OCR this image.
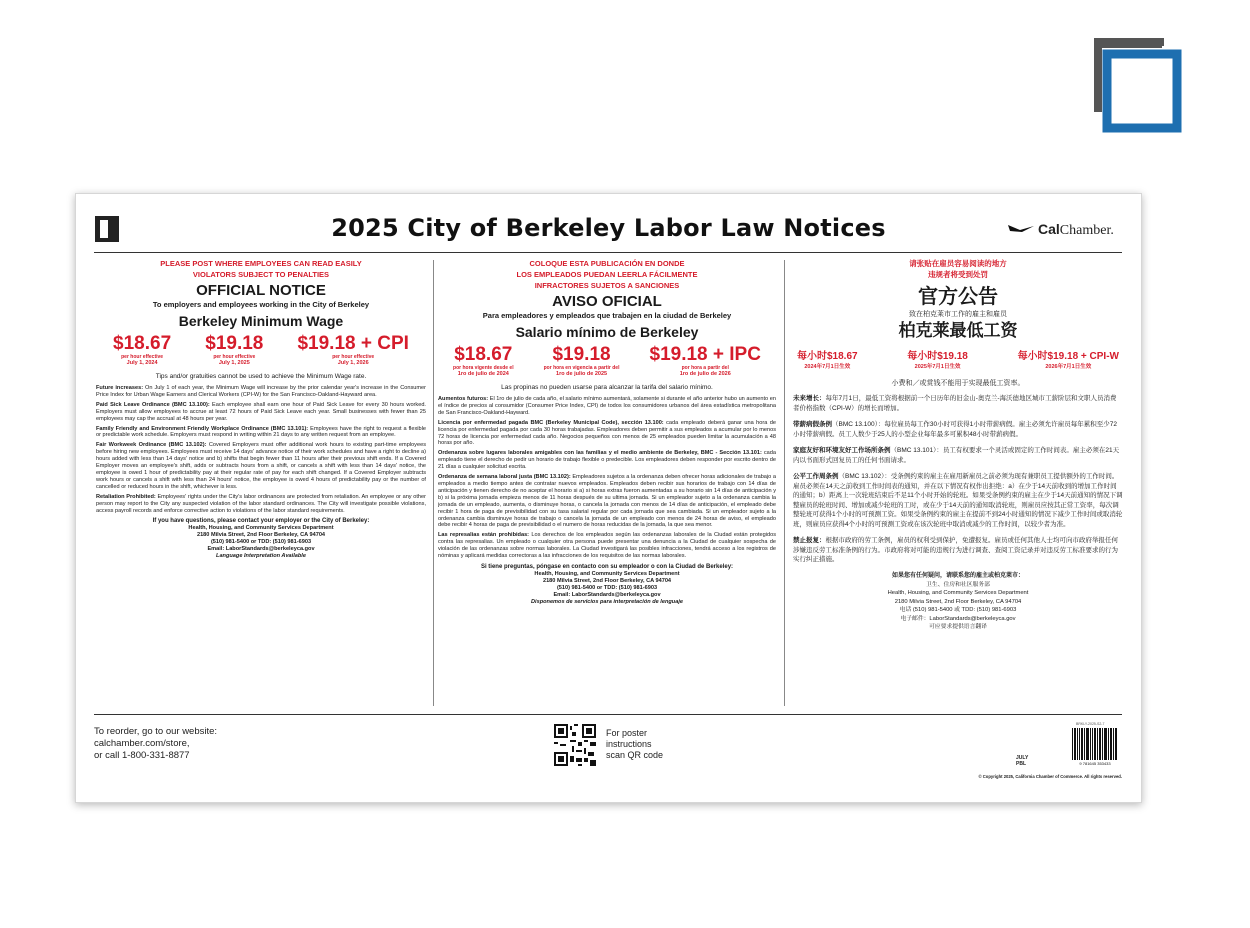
2025 City of Berkeley Labor Law Notices	CalChamber.
PLEASE POST WHERE EMPLOYEES CAN READ EASILY
VIOLATORS SUBJECT TO PENALTIES
OFFICIAL NOTICE
To employers and employees working in the City of Berkeley
Berkeley Minimum Wage
$18.67
per hour effective
July 1, 2024
$19.18
per hour effective
July 1, 2025
$19.18 + CPI
per hour effective
July 1, 2026
Tips and/or gratuities cannot be used to achieve the Minimum Wage rate.

Future increases: On July 1 of each year, the Minimum Wage will increase by the prior calendar year's increase in the Consumer Price Index for Urban Wage Earners and Clerical Workers (CPI-W) for the San Francisco-Oakland-Hayward area.

Paid Sick Leave Ordinance (BMC 13.100): Each employee shall earn one hour of Paid Sick Leave for every 30 hours worked. Employers must allow employees to accrue at least 72 hours of Paid Sick Leave each year. Small businesses with fewer than 25 employees may cap the accrual at 48 hours per year.

Family Friendly and Environment Friendly Workplace Ordinance (BMC 13.101): Employees have the right to request a flexible or predictable work schedule. Employers must respond in writing within 21 days to any written request from an employee.

Fair Workweek Ordinance (BMC 13.102): Covered Employers must offer additional work hours to existing part-time employees before hiring new employees. Employees must receive 14 days' advance notice of their work schedules and have a right to decline a) hours added with less than 14 days' notice and b) shifts that begin fewer than 11 hours after their previous shift ends. If a Covered Employer moves an employee's shift, adds or subtracts hours from a shift, or cancels a shift with less than 14 days' notice, the employee is owed 1 hour of predictability pay at their regular rate of pay for each shift changed. If a Covered Employer subtracts work hours or cancels a shift with less than 24 hours' notice, the employee is owed 4 hours of predictability pay or the number of cancelled or reduced hours in the shift, whichever is less.

Retaliation Prohibited: Employees' rights under the City's labor ordinances are protected from retaliation. An employee or any other person may report to the City any suspected violation of the labor standard ordinances. The City will investigate possible violations, access payroll records and enforce corrective action to violations of the labor standard requirements.

If you have questions, please contact your employer or the City of Berkeley:
Health, Housing, and Community Services Department
2180 Milvia Street, 2nd Floor Berkeley, CA 94704
(510) 981-5400 or TDD: (510) 981-6903
Email: LaborStandards@berkeleyca.gov
Language Interpretation Available
COLOQUE ESTA PUBLICACIÓN EN DONDE
LOS EMPLEADOS PUEDAN LEERLA FÁCILMENTE
INFRACTORES SUJETOS A SANCIONES
AVISO OFICIAL
Para empleadores y empleados que trabajen en la ciudad de Berkeley
Salario mínimo de Berkeley
$18.67
por hora vigente desde el
1ro de julio de 2024
$19.18
por hora en vigencia a partir del
1ro de julio de 2025
$19.18 + IPC
por hora a partir del
1ro de julio de 2026
Las propinas no pueden usarse para alcanzar la tarifa del salario mínimo.

Aumentos futuros: El 1ro de julio de cada año, el salario mínimo aumentará, solamente si durante el año anterior hubo un aumento en el índice de precios al consumidor (Consumer Price Index, CPI) de todos los consumidores urbanos del área estadística metropolitana de San Francisco-Oakland-Hayward.

Licencia por enfermedad pagada BMC (Berkeley Municipal Code), sección 13.100: cada empleado deberá ganar una hora de licencia por enfermedad pagada por cada 30 horas trabajadas. Empleadores deben permitir a sus empleados a acumular por lo menos 72 horas de licencia por enfermedad cada año. Negocios pequeños con menos de 25 empleados pueden limitar la acumulación a 48 horas por año.

Ordenanza sobre lugares laborales amigables con las familias y el medio ambiente de Berkeley, BMC - Sección 13.101: cada empleado tiene el derecho de pedir un horario de trabajo flexible o predecible. Los empleadores deben responder por escrito dentro de 21 días a cualquier solicitud escrita.

Ordenanza de semana laboral justa (BMC 13.102): Empleadores sujetos a la ordenanza deben ofrecer horas adicionales de trabajo a empleados a medio tiempo antes de contratar nuevos empleados. Empleados deben recibir sus horarios de trabajo con 14 días de anticipación y tienen derecho de no aceptar el horario si a) si horas extras fueron aumentadas a su horario sin 14 días de anticipación y b) si la próxima jornada empieza menos de 11 horas después de su ultima jornada. Si un empleador sujeto a la ordenanza cambia la jornada de un empleado, aumenta, o disminuye horas, o cancela la jornada con menos de 14 días de anticipación, el empleado debe recibir 1 hora de paga de previsibilidad con su tasa salarial regular por cada jornada que sea cambiada. Si un empleador sujeto a la ordenanza cambia disminuye horas de trabajo o cancela la jornada de un empleado con menos de 24 horas de aviso, el empleado debe recibir 4 horas de paga de previsibilidad o el numero de horas reducidas de la jornada, la que sea menor.

Las represalias están prohibidas: Los derechos de los empleados según las ordenanzas laborales de la Ciudad están protegidos contra las represalias. Un empleado o cualquier otra persona puede presentar una denuncia a la Ciudad de cualquier sospecha de violación de las ordenanzas sobre normas laborales. La Ciudad investigará las posibles infracciones, tendrá acceso a los registros de nóminas y aplicará medidas correctoras a las infracciones de los requisitos de las normas laborales.

Si tiene preguntas, póngase en contacto con su empleador o con la Ciudad de Berkeley:
Health, Housing, and Community Services Department
2180 Milvia Street, 2nd Floor Berkeley, CA 94704
(510) 981-5400 or TDD: (510) 981-6903
Email: LaborStandards@berkeleyca.gov
Disponemos de servicios para interpretación de lenguaje
请张贴在雇员容易阅读的地方
违规者将受到处罚
官方公告
致在柏克莱市工作的雇主和雇员
柏克莱最低工资
每小时$18.67
2024年7月1日生效
每小时$19.18
2025年7月1日生效
每小时$19.18 + CPI-W
2026年7月1日生效
小费和／或赏钱不能用于实现最低工资率。

未来增长：每年7月1日，最低工资将根据前一个日历年的旧金山-奥克兰-海沃德地区城市工薪阶层和文职人员消费者价格指数（CPI-W）的增长而增加。

带薪病假条例（BMC 13.100）：每位雇员每工作30小时可获得1小时带薪病假。雇主必须允许雇员每年累积至少72小时带薪病假。员工人数少于25人的小型企业每年最多可累积48小时带薪病假。

家庭友好和环境友好工作场所条例（BMC 13.101）：员工有权要求一个灵活或固定的工作时间表。雇主必须在21天内以书面形式回复员工的任何书面请求。

公平工作周条例（BMC 13.102）：受条例约束的雇主在雇用新雇员之前必须为现有兼职员工提供额外的工作时间。雇员必须在14天之前收到工作时间表的通知，并在以下情况有权作出拒绝：a）在少于14天前收到的增加工作时间的通知；b）距离上一次轮班结束后不足11个小时开始的轮班。如果受条例约束的雇主在少于14天前通知的情况下调整雇员的轮班时间、增加或减少轮班的工时，或在少于14天前的通知取消轮班，则雇员应按其正常工资率，每次调整轮班可获得1个小时的可预测工资。如果受条例约束的雇主在提前不到24小时通知的情况下减少工作时间或取消轮班，则雇员应获得4个小时的可预测工资或在该次轮班中取消或减少的工作时间，以较少者为准。

禁止报复：根据市政府的劳工条例，雇员的权利受到保护，免遭报复。雇员或任何其他人士均可向市政府举报任何涉嫌违反劳工标准条例的行为。市政府将对可能的违规行为进行调查、查阅工资记录并对违反劳工标准要求的行为实行纠正措施。

如果您有任何疑问，请联系您的雇主或柏克莱市：
卫生、住房和社区服务部
Health, Housing, and Community Services Department
2180 Milvia Street, 2nd Floor Berkeley, CA 94704
电话 (510) 981-5400 或 TDD: (510) 981-6903
电子邮件：LaborStandards@berkeleyca.gov
可应要求提供语言翻译
To reorder, go to our website:
calchamber.com/store,
or call 1-800-331-8877
For poster
instructions
scan QR code
BRKLY-2025-S2-7
JULY
PBL	9 781645 353433
© Copyright 2025, California Chamber of Commerce. All rights reserved.
